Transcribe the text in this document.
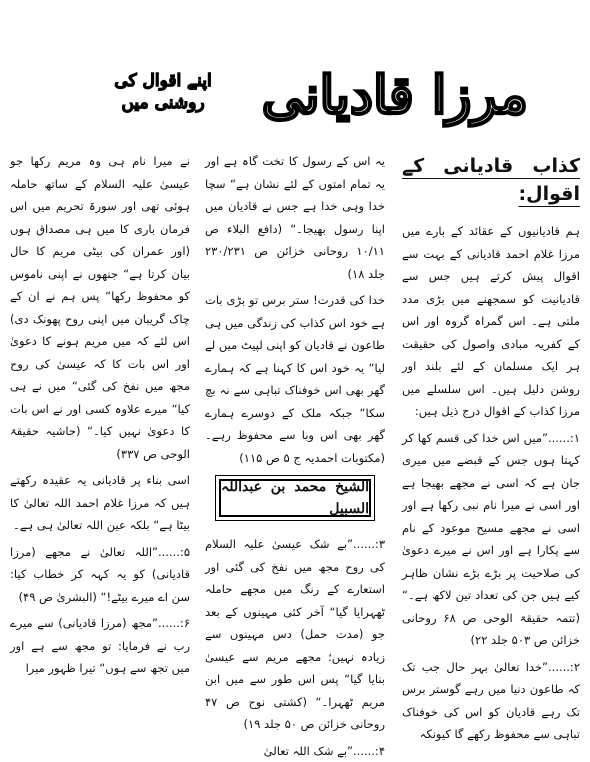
مرزا قادیانی
اپنے اقوال کی
روشنی میں

کذاب قادیانی کے اقوال:

ہم قادیانیوں کے عقائد کے بارے میں مرزا غلام احمد قادیانی کے بہت سے اقوال پیش کرتے ہیں جس سے قادیانیت کو سمجھنے میں بڑی مدد ملتی ہے۔ اس گمراہ گروہ اور اس کے کفریہ مبادی واصول کی حقیقت ہر ایک مسلمان کے لئے بلند اور روشن دلیل ہیں۔ اس سلسلے میں مرزا کذاب کے اقوال درج ذیل ہیں:

۱:......”میں اس خدا کی قسم کھا کر کہتا ہوں جس کے قبضے میں میری جان ہے کہ اسی نے مجھے بھیجا ہے اور اسی نے میرا نام نبی رکھا ہے اور اسی نے مجھے مسیح موعود کے نام سے پکارا ہے اور اس نے میرے دعویٰ کی صلاحیت پر بڑے بڑے نشان ظاہر کیے ہیں جن کی تعداد تین لاکھ ہے۔“ (تتمہ حقیقۃ الوحی ص ۶۸ روحانی خزائن ص ۵۰۳ جلد ۲۲)

۲:......”خدا تعالیٰ بہر حال جب تک کہ طاعون دنیا میں رہے گوستر برس تک رہے قادیان کو اس کی خوفناک تباہی سے محفوظ رکھے گا کیونکہ

یہ اس کے رسول کا تخت گاہ ہے اور یہ تمام امتوں کے لئے نشان ہے“ سچا خدا وہی خدا ہے جس نے قادیان میں اپنا رسول بھیجا۔“ (دافع البلاء ص ۱۰/۱۱ روحانی خزائن ص ۲۳۰/۲۳۱ جلد ۱۸)

خدا کی قدرت! ستر برس تو بڑی بات ہے خود اس کذاب کی زندگی میں ہی طاعون نے قادیان کو اپنی لپیٹ میں لے لیا“ یہ خود اس کا کہنا ہے کہ ہمارے گھر بھی اس خوفناک تباہی سے نہ بچ سکا“ جبکہ ملک کے دوسرے ہمارے گھر بھی اس وبا سے محفوظ رہے۔ (مکتوبات احمدیہ ج ۵ ص ۱۱۵)

الشیخ محمد بن عبداللہ السبیل

۳:......”بے شک عیسیٰ علیہ السلام کی روح مجھ میں نفخ کی گئی اور استعارے کے رنگ میں مجھے حاملہ ٹھہرایا گیا“ آخر کئی مہینوں کے بعد جو (مدت حمل) دس مہینوں سے زیادہ نہیں؛ مجھے مریم سے عیسیٰ بنایا گیا“ پس اس طور سے میں ابن مریم ٹھہرا۔“ (کشتی نوح ص ۴۷ روحانی خزائن ص ۵۰ جلد ۱۹)

۴:......”بے شک اللہ تعالیٰ

نے میرا نام ہی وہ مریم رکھا جو عیسیٰ علیہ السلام کے ساتھ حاملہ ہوئی تھی اور سورۃ تحریم میں اس فرمان باری کا میں ہی مصداق ہوں (اور عمران کی بیٹی مریم کا حال بیان کرتا ہے“ جنھوں نے اپنی ناموس کو محفوظ رکھا“ پس ہم نے ان کے چاک گریبان میں اپنی روح پھونک دی) اس لئے کہ میں مریم ہونے کا دعویٰ اور اس بات کا کہ عیسیٰ کی روح مجھ میں نفخ کی گئی“ میں نے ہی کیا“ میرے علاوہ کسی اور نے اس بات کا دعویٰ نہیں کیا۔“ (حاشیہ حقیقۃ الوحی ص ۳۳۷)

اسی بناء پر قادیانی یہ عقیدہ رکھتے ہیں کہ مرزا غلام احمد اللہ تعالیٰ کا بیٹا ہے“ بلکہ عین اللہ تعالیٰ ہی ہے۔

۵:......”اللہ تعالیٰ نے مجھے (مرزا قادیانی) کو یہ کہہ کر خطاب کیا: سن اے میرے بیٹے!“ (البشریٰ ص ۴۹)

۶:......”مجھ (مرزا قادیانی) سے میرے رب نے فرمایا: تو مجھ سے ہے اور میں تجھ سے ہوں“ تیرا ظہور میرا
